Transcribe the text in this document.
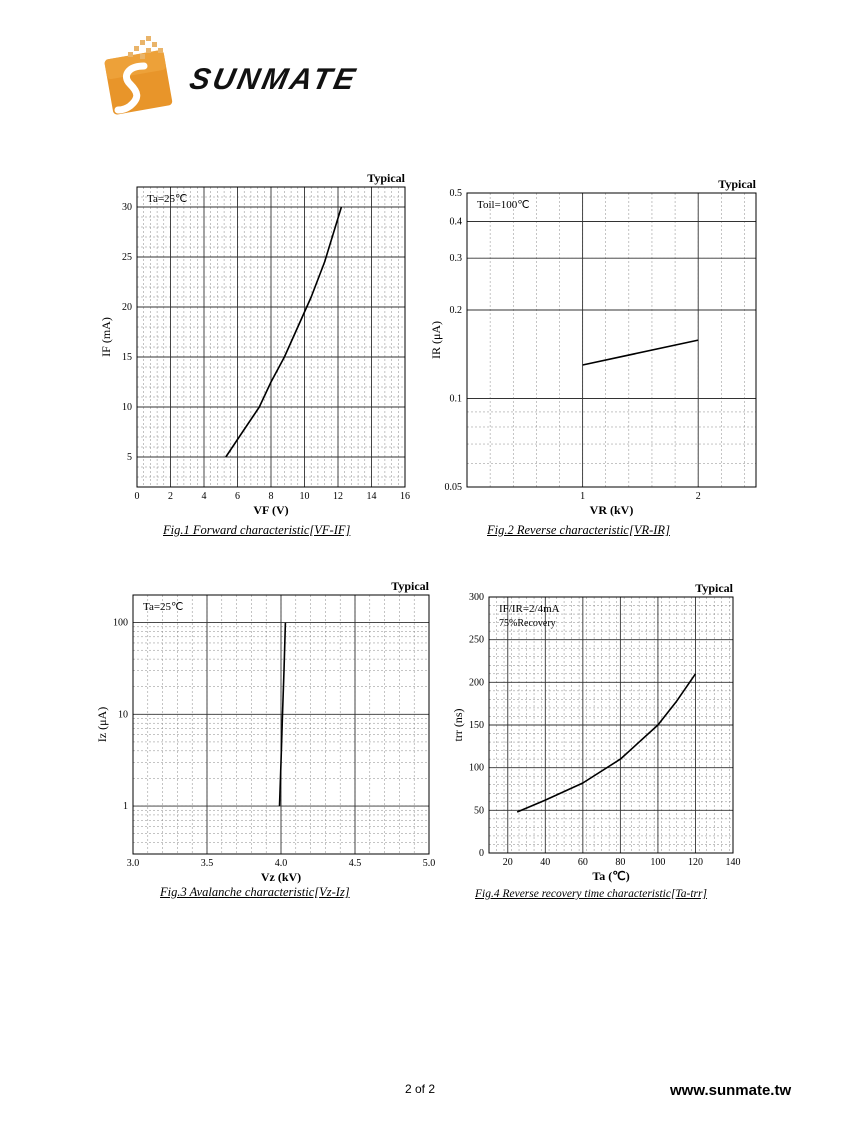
SUNMATE
0	2	4	6	8	10 12 14 16
5
10
15
20
25
30
VF (V)
IF (mA)
Typical
Ta=25℃
Fig.1 Forward characteristic[VF-IF]
1	2
0.05
0.1
0.2
0.3
0.4
0.5
VR (kV)
IR (μA)
Typical
Toil=100℃
Fig.2 Reverse characteristic[VR-IR]
3.0	3.5	4.0	4.5	5.0
1
10
100
Vz (kV)
Iz (μA)
Typical
Ta=25℃
Fig.3 Avalanche characteristic[Vz-Iz]
20	40	60	80	100 120 140
0
50
100
150
200
250
300
Ta (℃)
trr (ns)
Typical
IF/IR=2/4mA
75%Recovery
Fig.4 Reverse recovery time characteristic[Ta-trr]
2 of 2	www.sunmate.tw
